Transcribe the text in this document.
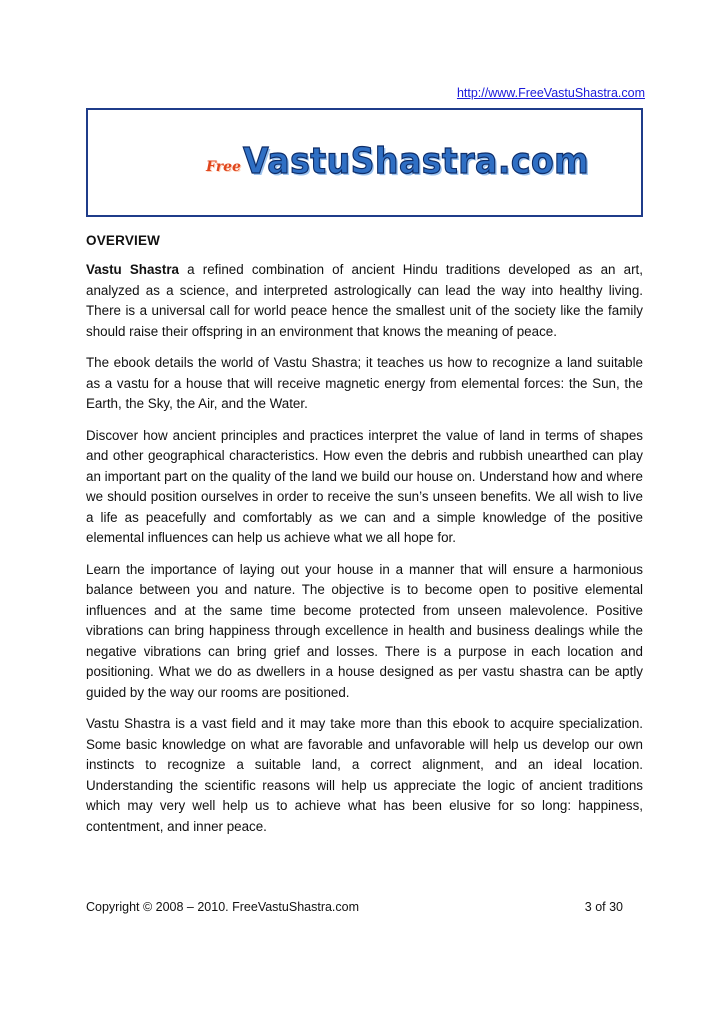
http://www.FreeVastuShastra.com
FreeVastuShastra.com
OVERVIEW

Vastu Shastra a refined combination of ancient Hindu traditions developed as an art, analyzed as a science, and interpreted astrologically can lead the way into healthy living. There is a universal call for world peace hence the smallest unit of the society like the family should raise their offspring in an environment that knows the meaning of peace.

The ebook details the world of Vastu Shastra; it teaches us how to recognize a land suitable as a vastu for a house that will receive magnetic energy from elemental forces: the Sun, the Earth, the Sky, the Air, and the Water.

Discover how ancient principles and practices interpret the value of land in terms of shapes and other geographical characteristics. How even the debris and rubbish unearthed can play an important part on the quality of the land we build our house on. Understand how and where we should position ourselves in order to receive the sun’s unseen benefits. We all wish to live a life as peacefully and comfortably as we can and a simple knowledge of the positive elemental influences can help us achieve what we all hope for.

Learn the importance of laying out your house in a manner that will ensure a harmonious balance between you and nature. The objective is to become open to positive elemental influences and at the same time become protected from unseen malevolence. Positive vibrations can bring happiness through excellence in health and business dealings while the negative vibrations can bring grief and losses. There is a purpose in each location and positioning. What we do as dwellers in a house designed as per vastu shastra can be aptly guided by the way our rooms are positioned.

Vastu Shastra is a vast field and it may take more than this ebook to acquire specialization. Some basic knowledge on what are favorable and unfavorable will help us develop our own instincts to recognize a suitable land, a correct alignment, and an ideal location. Understanding the scientific reasons will help us appreciate the logic of ancient traditions which may very well help us to achieve what has been elusive for so long: happiness, contentment, and inner peace.

Copyright © 2008 – 2010. FreeVastuShastra.com	3 of 30
